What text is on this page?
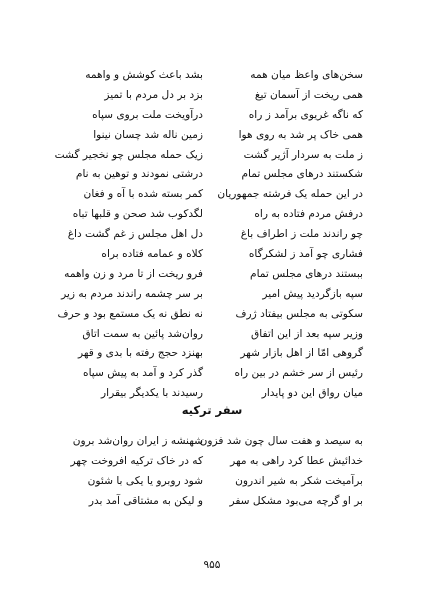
سخن‌های واعظ میان همه
بشد باعث کوشش و واهمه
همی ریخت از آسمان تیغ
بزد بر دل مردم با تمیز
که ناگه غریوی برآمد ز راه
درآویخت ملت بروی سپاه
همی خاک پر شد به روی هوا
زمین ناله شد چسان نینوا
ز ملت به سردار آژیر گشت
زیک حمله مجلس چو نخجیر گشت
شکستند درهای مجلس تمام
درشتی نمودند و توهین به نام
در این حمله یک فرشته جمهوریان
کمر بسته شده با آه و فغان
درفش مردم فتاده به راه
لگدکوب شد صحن و قلبها تباه
چو راندند ملت ز اطراف باغ
دل اهل مجلس ز غم گشت داغ
فشاری چو آمد ز لشکرگاه
کلاه و عمامه فتاده براه
ببستند درهای مجلس تمام
فرو ریخت از تا مرد و زن واهمه
سپه بازگردید پیش امیر
بر سر چشمه راندند مردم به زیر
سکوتی به مجلس بیفتاد ژرف
نه نطق نه یک مستمع بود و حرف
وزیر سپه بعد از این اتفاق
روان‌شد پائین به سمت اتاق
گروهی امّا از اهل بازار شهر
بهنزد حجج رفته با بدی و قهر
رئیس از سر خشم در بین راه
گذر کرد و آمد به پیش سپاه
میان رواق این دو پایدار
رسیدند با یکدیگر بیقرار
سفر ترکیه
به سیصد و هفت سال چون شد فزون
شهنشه ز ایران روان‌شد برون
خدائیش عطا کرد راهی به مهر
که در خاک ترکیه افروخت چهر
برآمیخت شکر به شیر اندرون
شود روبرو یا یکی با شئون
بر او گرچه می‌بود مشکل سفر
و لیکن به مشتاقی آمد بدر
۹۵۵
